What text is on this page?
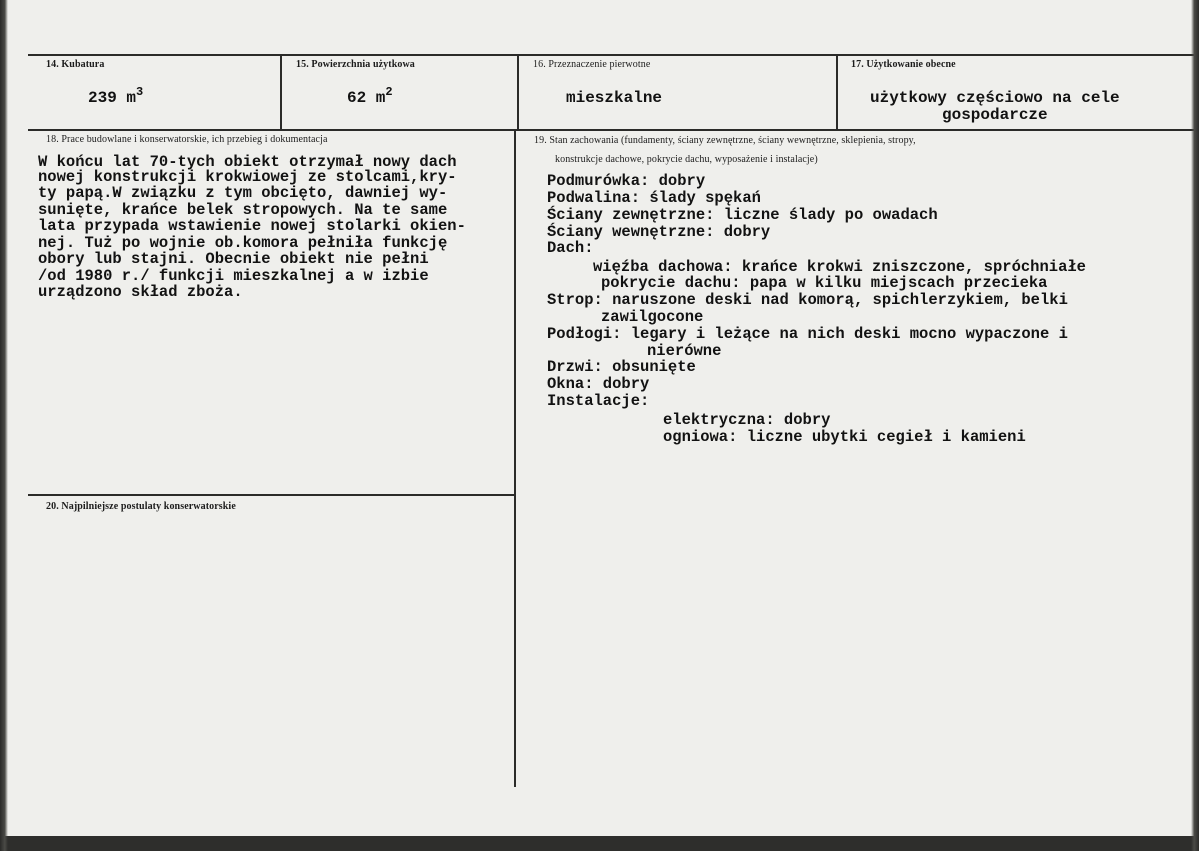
14. Kubatura
239 $m^3$
15. Powierzchnia użytkowa
62 $m^2$
16. Przeznaczenie pierwotne
mieszkalne
17. Użytkowanie obecne
użytkowy częściowo na cele
gospodarcze
18. Prace budowlane i konserwatorskie, ich przebieg i dokumentacja
W końcu lat 70-tych obiekt otrzymał nowy dach
nowej konstrukcji krokwiowej ze stolcami,kry-
ty papą.W związku z tym obcięto, dawniej wy-
sunięte, krańce belek stropowych. Na te same
lata przypada wstawienie nowej stolarki okien-
nej. Tuż po wojnie ob.komora pełniła funkcję
obory lub stajni. Obecnie obiekt nie pełni
/od 1980 r./ funkcji mieszkalnej a w izbie
urządzono skład zboża.
19. Stan zachowania (fundamenty, ściany zewnętrzne, ściany wewnętrzne, sklepienia, stropy,
konstrukcje dachowe, pokrycie dachu, wyposażenie i instalacje)
Podmurówka: dobry
Podwalina: ślady spękań
Ściany zewnętrzne: liczne ślady po owadach
Ściany wewnętrzne: dobry
Dach:
więźba dachowa: krańce krokwi zniszczone, spróchniałe
pokrycie dachu: papa w kilku miejscach przecieka
Strop: naruszone deski nad komorą, spichlerzykiem, belki
zawilgocone
Podłogi: legary i leżące na nich deski mocno wypaczone i
nierówne
Drzwi: obsunięte
Okna: dobry
Instalacje:
elektryczna: dobry
ogniowa: liczne ubytki cegieł i kamieni
20. Najpilniejsze postulaty konserwatorskie
